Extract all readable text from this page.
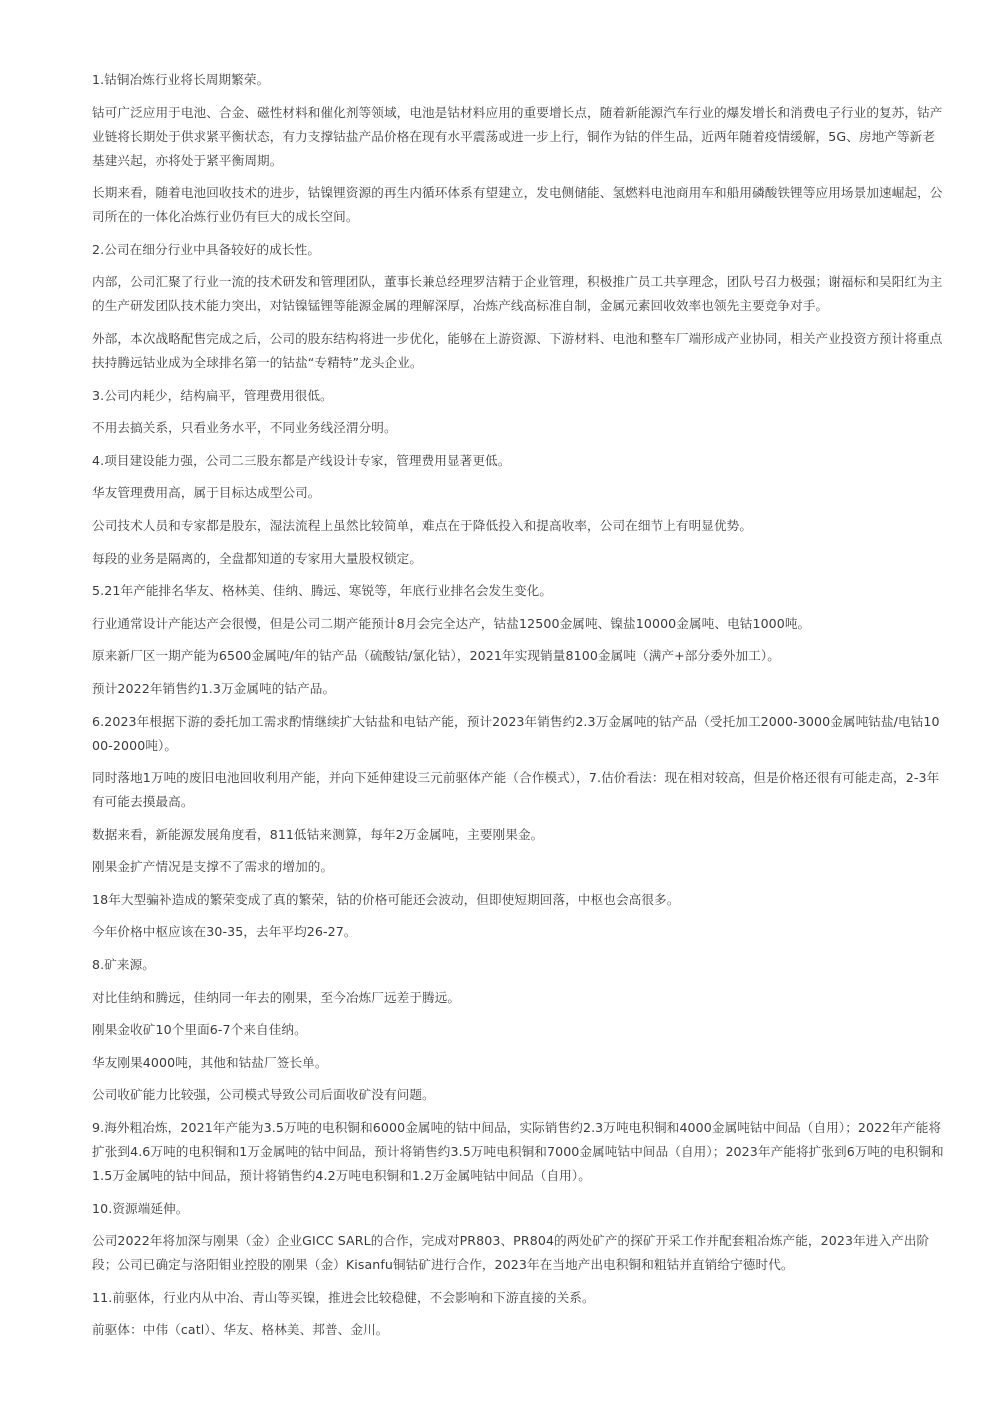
1.钴铜冶炼行业将长周期繁荣。

钴可广泛应用于电池、合金、磁性材料和催化剂等领域，电池是钴材料应用的重要增长点，随着新能源汽车行业的爆发增长和消费电子行业的复苏，钴产业链将长期处于供求紧平衡状态，有力支撑钴盐产品价格在现有水平震荡或进一步上行，铜作为钴的伴生品，近两年随着疫情缓解，5G、房地产等新老基建兴起，亦将处于紧平衡周期。

长期来看，随着电池回收技术的进步，钴镍锂资源的再生内循环体系有望建立，发电侧储能、氢燃料电池商用车和船用磷酸铁锂等应用场景加速崛起，公司所在的一体化冶炼行业仍有巨大的成长空间。

2.公司在细分行业中具备较好的成长性。

内部，公司汇聚了行业一流的技术研发和管理团队，董事长兼总经理罗洁精于企业管理，积极推广员工共享理念，团队号召力极强；谢福标和吴阳红为主的生产研发团队技术能力突出，对钴镍锰锂等能源金属的理解深厚，冶炼产线高标准自制，金属元素回收效率也领先主要竞争对手。

外部，本次战略配售完成之后，公司的股东结构将进一步优化，能够在上游资源、下游材料、电池和整车厂端形成产业协同，相关产业投资方预计将重点扶持腾远钴业成为全球排名第一的钴盐“专精特”龙头企业。

3.公司内耗少，结构扁平，管理费用很低。

不用去搞关系，只看业务水平，不同业务线泾渭分明。

4.项目建设能力强，公司二三股东都是产线设计专家，管理费用显著更低。

华友管理费用高，属于目标达成型公司。

公司技术人员和专家都是股东，湿法流程上虽然比较简单，难点在于降低投入和提高收率，公司在细节上有明显优势。

每段的业务是隔离的，全盘都知道的专家用大量股权锁定。

5.21年产能排名华友、格林美、佳纳、腾远、寒锐等，年底行业排名会发生变化。

行业通常设计产能达产会很慢，但是公司二期产能预计8月会完全达产，钴盐12500金属吨、镍盐10000金属吨、电钴1000吨。

原来新厂区一期产能为6500金属吨/年的钴产品（硫酸钴/氯化钴），2021年实现销量8100金属吨（满产+部分委外加工）。

预计2022年销售约1.3万金属吨的钴产品。

6.2023年根据下游的委托加工需求酌情继续扩大钴盐和电钴产能，预计2023年销售约2.3万金属吨的钴产品（受托加工2000-3000金属吨钴盐/电钴1000-2000吨）。

同时落地1万吨的废旧电池回收利用产能，并向下延伸建设三元前驱体产能（合作模式），7.估价看法：现在相对较高，但是价格还很有可能走高，2-3年有可能去摸最高。

数据来看，新能源发展角度看，811低钴来测算，每年2万金属吨，主要刚果金。

刚果金扩产情况是支撑不了需求的增加的。

18年大型骗补造成的繁荣变成了真的繁荣，钴的价格可能还会波动，但即使短期回落，中枢也会高很多。

今年价格中枢应该在30-35，去年平均26-27。

8.矿来源。

对比佳纳和腾远，佳纳同一年去的刚果，至今冶炼厂远差于腾远。

刚果金收矿10个里面6-7个来自佳纳。

华友刚果4000吨，其他和钴盐厂签长单。

公司收矿能力比较强，公司模式导致公司后面收矿没有问题。

9.海外粗冶炼，2021年产能为3.5万吨的电积铜和6000金属吨的钴中间品，实际销售约2.3万吨电积铜和4000金属吨钴中间品（自用）；2022年产能将扩张到4.6万吨的电积铜和1万金属吨的钴中间品，预计将销售约3.5万吨电积铜和7000金属吨钴中间品（自用）；2023年产能将扩张到6万吨的电积铜和1.5万金属吨的钴中间品，预计将销售约4.2万吨电积铜和1.2万金属吨钴中间品（自用）。

10.资源端延伸。

公司2022年将加深与刚果（金）企业GICC SARL的合作，完成对PR803、PR804的两处矿产的探矿开采工作并配套粗冶炼产能，2023年进入产出阶段；公司已确定与洛阳钼业控股的刚果（金）Kisanfu铜钴矿进行合作，2023年在当地产出电积铜和粗钴并直销给宁德时代。

11.前驱体，行业内从中冶、青山等买镍，推进会比较稳健，不会影响和下游直接的关系。

前驱体：中伟（catl）、华友、格林美、邦普、金川。
